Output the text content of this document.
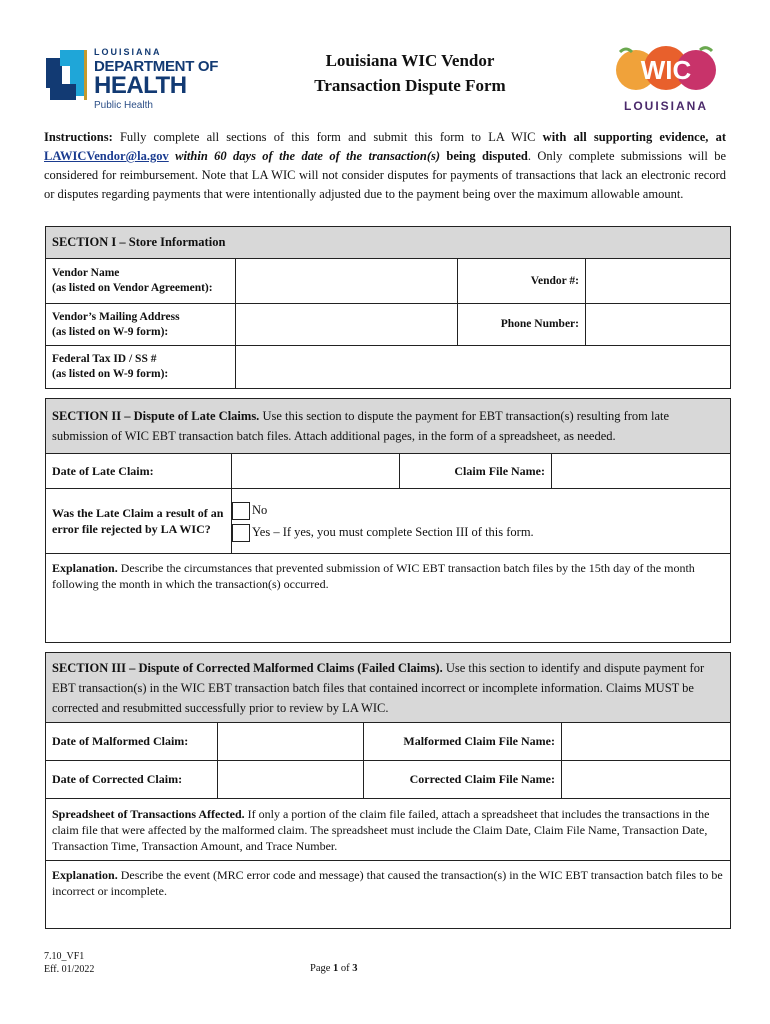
LOUISIANA
DEPARTMENT OF
HEALTH
Public Health
Louisiana WIC Vendor
Transaction Dispute Form
WIC
LOUISIANA
Instructions: Fully complete all sections of this form and submit this form to LA WIC with all supporting evidence, at LAWICVendor@la.gov within 60 days of the date of the transaction(s) being disputed. Only complete submissions will be considered for reimbursement. Note that LA WIC will not consider disputes for payments of transactions that lack an electronic record or disputes regarding payments that were intentionally adjusted due to the payment being over the maximum allowable amount.
SECTION I – Store Information			

Vendor Name
(as listed on Vendor Agreement):		Vendor #:	

Vendor’s Mailing Address
(as listed on W-9 form):		Phone Number:	

Federal Tax ID / SS #
(as listed on W-9 form):			

SECTION II – Dispute of Late Claims. Use this section to dispute the payment for EBT transaction(s) resulting from late submission of WIC EBT transaction batch files. Attach additional pages, in the form of a spreadsheet, as needed.			
Date of Late Claim:		Claim File Name:	
Was the Late Claim a result of an error file rejected by LA WIC?	No
Yes – If yes, you must complete Section III of this form.		

Explanation. Describe the circumstances that prevented submission of WIC EBT transaction batch files by the 15th day of the month following the month in which the transaction(s) occurred.			
SECTION III – Dispute of Corrected Malformed Claims (Failed Claims). Use this section to identify and dispute payment for EBT transaction(s) in the WIC EBT transaction batch files that contained incorrect or incomplete information. Claims MUST be corrected and resubmitted successfully prior to review by LA WIC.			
Date of Malformed Claim:		Malformed Claim File Name:	
Date of Corrected Claim:		Corrected Claim File Name:	
Spreadsheet of Transactions Affected. If only a portion of the claim file failed, attach a spreadsheet that includes the transactions in the claim file that were affected by the malformed claim. The spreadsheet must include the Claim Date, Claim File Name, Transaction Date, Transaction Time, Transaction Amount, and Trace Number.			
Explanation. Describe the event (MRC error code and message) that caused the transaction(s) in the WIC EBT transaction batch files to be incorrect or incomplete.			
7.10_VF1
Eff. 01/2022	Page 1 of 3
